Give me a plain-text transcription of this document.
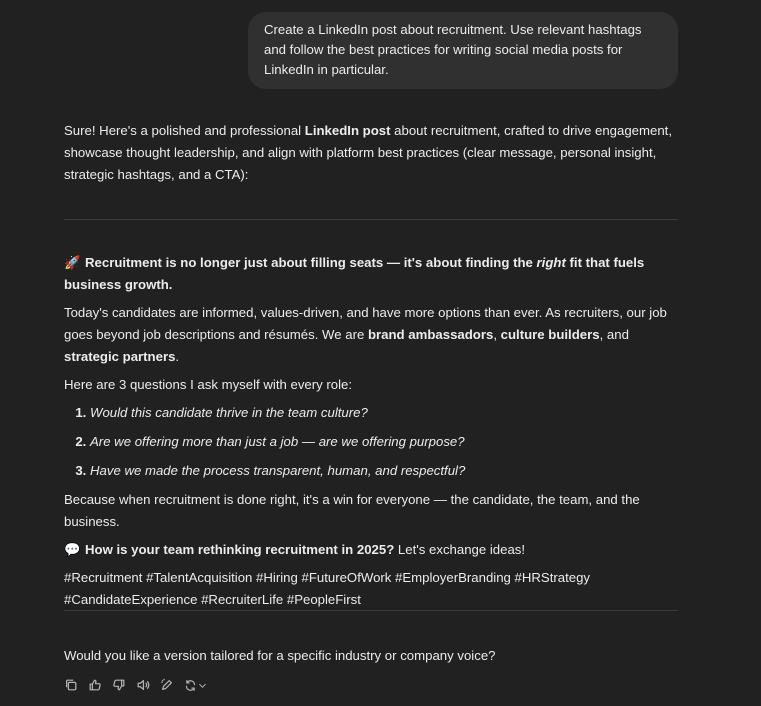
Create a LinkedIn post about recruitment. Use relevant hashtags and follow the best practices for writing social media posts for LinkedIn in particular.

Sure! Here's a polished and professional LinkedIn post about recruitment, crafted to drive engagement, showcase thought leadership, and align with platform best practices (clear message, personal insight, strategic hashtags, and a CTA):

🚀 Recruitment is no longer just about filling seats — it's about finding the right fit that fuels business growth.

Today's candidates are informed, values-driven, and have more options than ever. As recruiters, our job goes beyond job descriptions and résumés. We are brand ambassadors, culture builders, and strategic partners.

Here are 3 questions I ask myself with every role:

1. Would this candidate thrive in the team culture?
2. Are we offering more than just a job — are we offering purpose?
3. Have we made the process transparent, human, and respectful?

Because when recruitment is done right, it's a win for everyone — the candidate, the team, and the business.

💬 How is your team rethinking recruitment in 2025? Let's exchange ideas!

#Recruitment #TalentAcquisition #Hiring #FutureOfWork #EmployerBranding #HRStrategy
#CandidateExperience #RecruiterLife #PeopleFirst

Would you like a version tailored for a specific industry or company voice?
